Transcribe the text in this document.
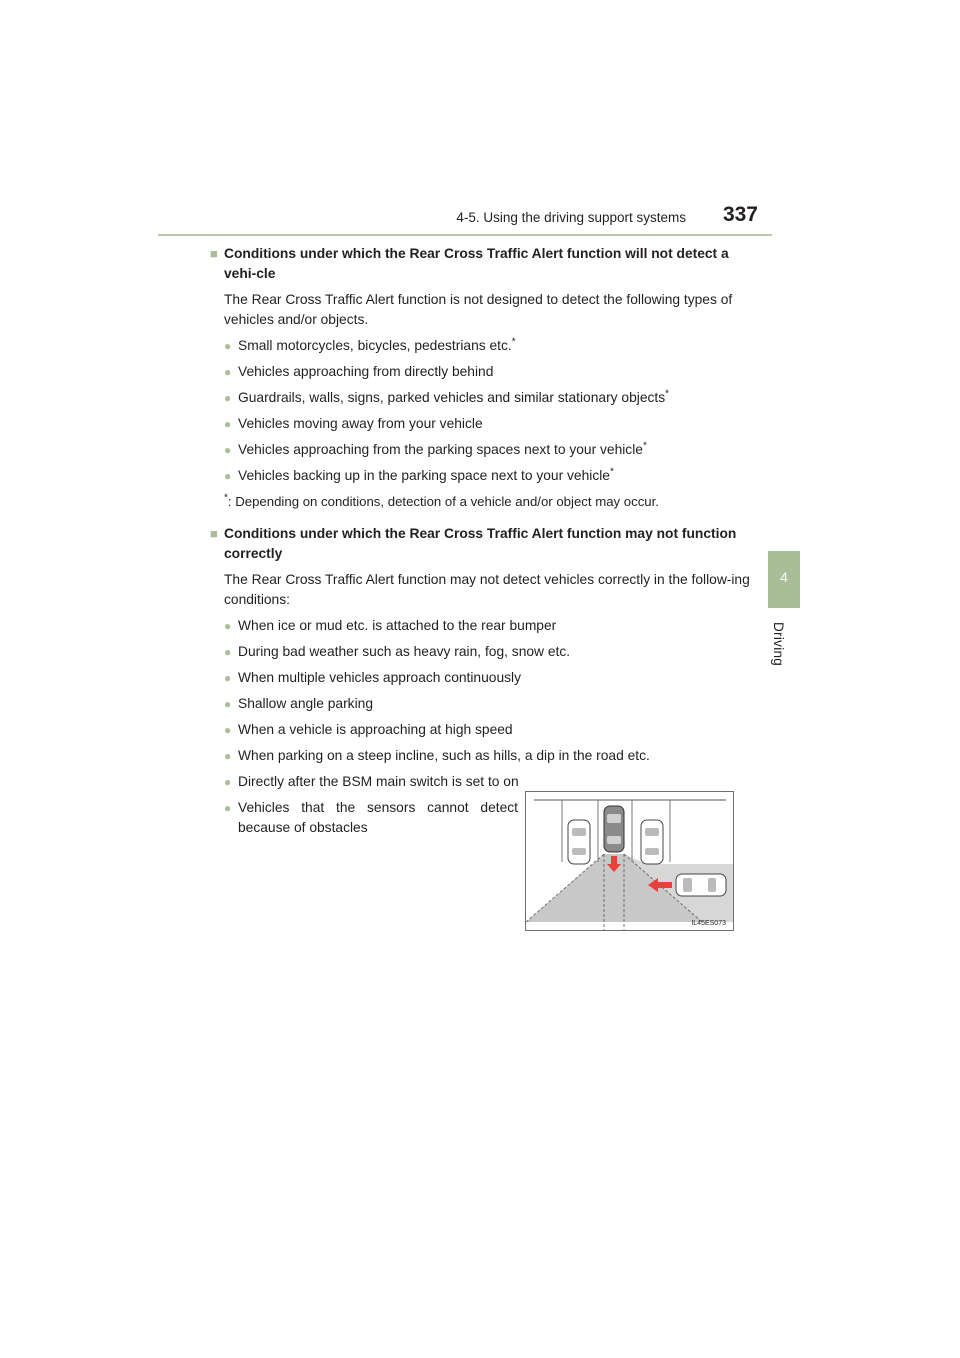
4-5. Using the driving support systems 337
4
Driving
■ Conditions under which the Rear Cross Traffic Alert function will not detect a vehi-cle
The Rear Cross Traffic Alert function is not designed to detect the following types of vehicles and/or objects.
● Small motorcycles, bicycles, pedestrians etc.*
● Vehicles approaching from directly behind
● Guardrails, walls, signs, parked vehicles and similar stationary objects*
● Vehicles moving away from your vehicle
● Vehicles approaching from the parking spaces next to your vehicle*
● Vehicles backing up in the parking space next to your vehicle*
*: Depending on conditions, detection of a vehicle and/or object may occur.
■ Conditions under which the Rear Cross Traffic Alert function may not function correctly
The Rear Cross Traffic Alert function may not detect vehicles correctly in the follow-ing conditions:
● When ice or mud etc. is attached to the rear bumper
● During bad weather such as heavy rain, fog, snow etc.
● When multiple vehicles approach continuously
● Shallow angle parking
● When a vehicle is approaching at high speed
● When parking on a steep incline, such as hills, a dip in the road etc.
● Directly after the BSM main switch is set to on
● Vehicles that the sensors cannot detect because of obstacles
IL45ES073
